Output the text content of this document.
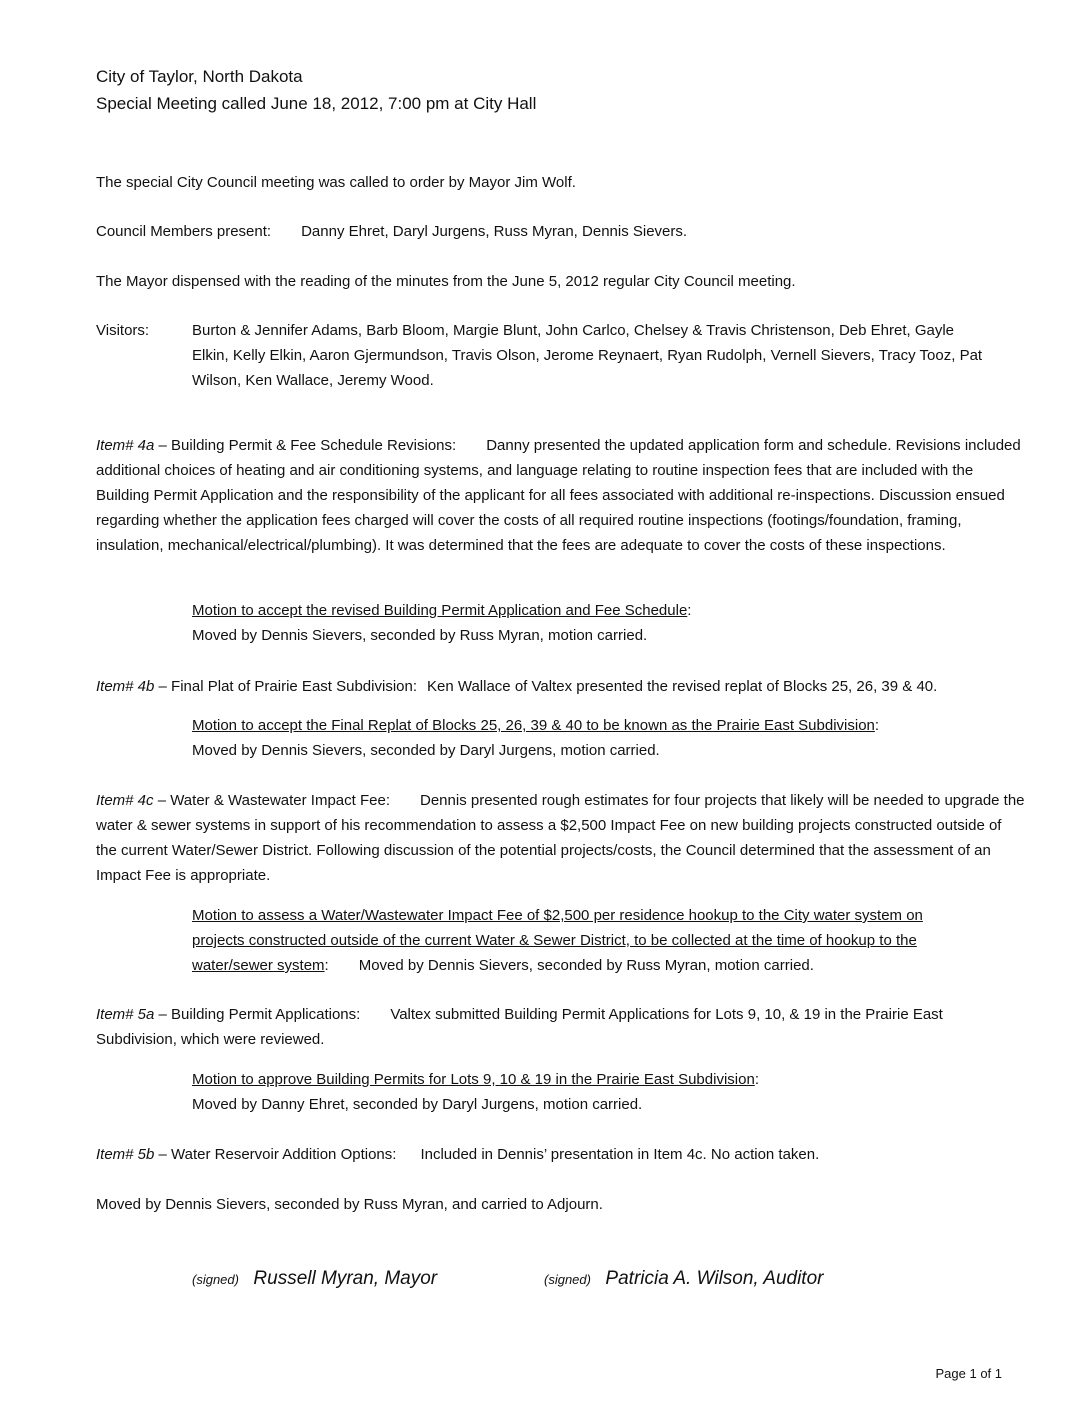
City of Taylor, North Dakota
Special Meeting called June 18, 2012, 7:00 pm at City Hall

The special City Council meeting was called to order by Mayor Jim Wolf.

Council Members present: Danny Ehret, Daryl Jurgens, Russ Myran, Dennis Sievers.

The Mayor dispensed with the reading of the minutes from the June 5, 2012 regular City Council meeting.

Visitors:	Burton & Jennifer Adams, Barb Bloom, Margie Blunt, John Carlco, Chelsey & Travis Christenson, Deb Ehret, Gayle Elkin, Kelly Elkin, Aaron Gjermundson, Travis Olson, Jerome Reynaert, Ryan Rudolph, Vernell Sievers, Tracy Tooz, Pat Wilson, Ken Wallace, Jeremy Wood.

Item# 4a – Building Permit & Fee Schedule Revisions: Danny presented the updated application form and schedule. Revisions included additional choices of heating and air conditioning systems, and language relating to routine inspection fees that are included with the Building Permit Application and the responsibility of the applicant for all fees associated with additional re-inspections. Discussion ensued regarding whether the application fees charged will cover the costs of all required routine inspections (footings/foundation, framing, insulation, mechanical/electrical/plumbing). It was determined that the fees are adequate to cover the costs of these inspections.

Motion to accept the revised Building Permit Application and Fee Schedule:
Moved by Dennis Sievers, seconded by Russ Myran, motion carried.

Item# 4b – Final Plat of Prairie East Subdivision: Ken Wallace of Valtex presented the revised replat of Blocks 25, 26, 39 & 40.

Motion to accept the Final Replat of Blocks 25, 26, 39 & 40 to be known as the Prairie East Subdivision:
Moved by Dennis Sievers, seconded by Daryl Jurgens, motion carried.

Item# 4c – Water & Wastewater Impact Fee: Dennis presented rough estimates for four projects that likely will be needed to upgrade the water & sewer systems in support of his recommendation to assess a $2,500 Impact Fee on new building projects constructed outside of the current Water/Sewer District. Following discussion of the potential projects/costs, the Council determined that the assessment of an Impact Fee is appropriate.

Motion to assess a Water/Wastewater Impact Fee of $2,500 per residence hookup to the City water system on
projects constructed outside of the current Water & Sewer District, to be collected at the time of hookup to the
water/sewer system: Moved by Dennis Sievers, seconded by Russ Myran, motion carried.

Item# 5a – Building Permit Applications: Valtex submitted Building Permit Applications for Lots 9, 10, & 19 in the Prairie East Subdivision, which were reviewed.

Motion to approve Building Permits for Lots 9, 10 & 19 in the Prairie East Subdivision:
Moved by Danny Ehret, seconded by Daryl Jurgens, motion carried.

Item# 5b – Water Reservoir Addition Options: Included in Dennis’ presentation in Item 4c. No action taken.

Moved by Dennis Sievers, seconded by Russ Myran, and carried to Adjourn.

(signed) Russell Myran, Mayor	(signed) Patricia A. Wilson, Auditor
Page 1 of 1
